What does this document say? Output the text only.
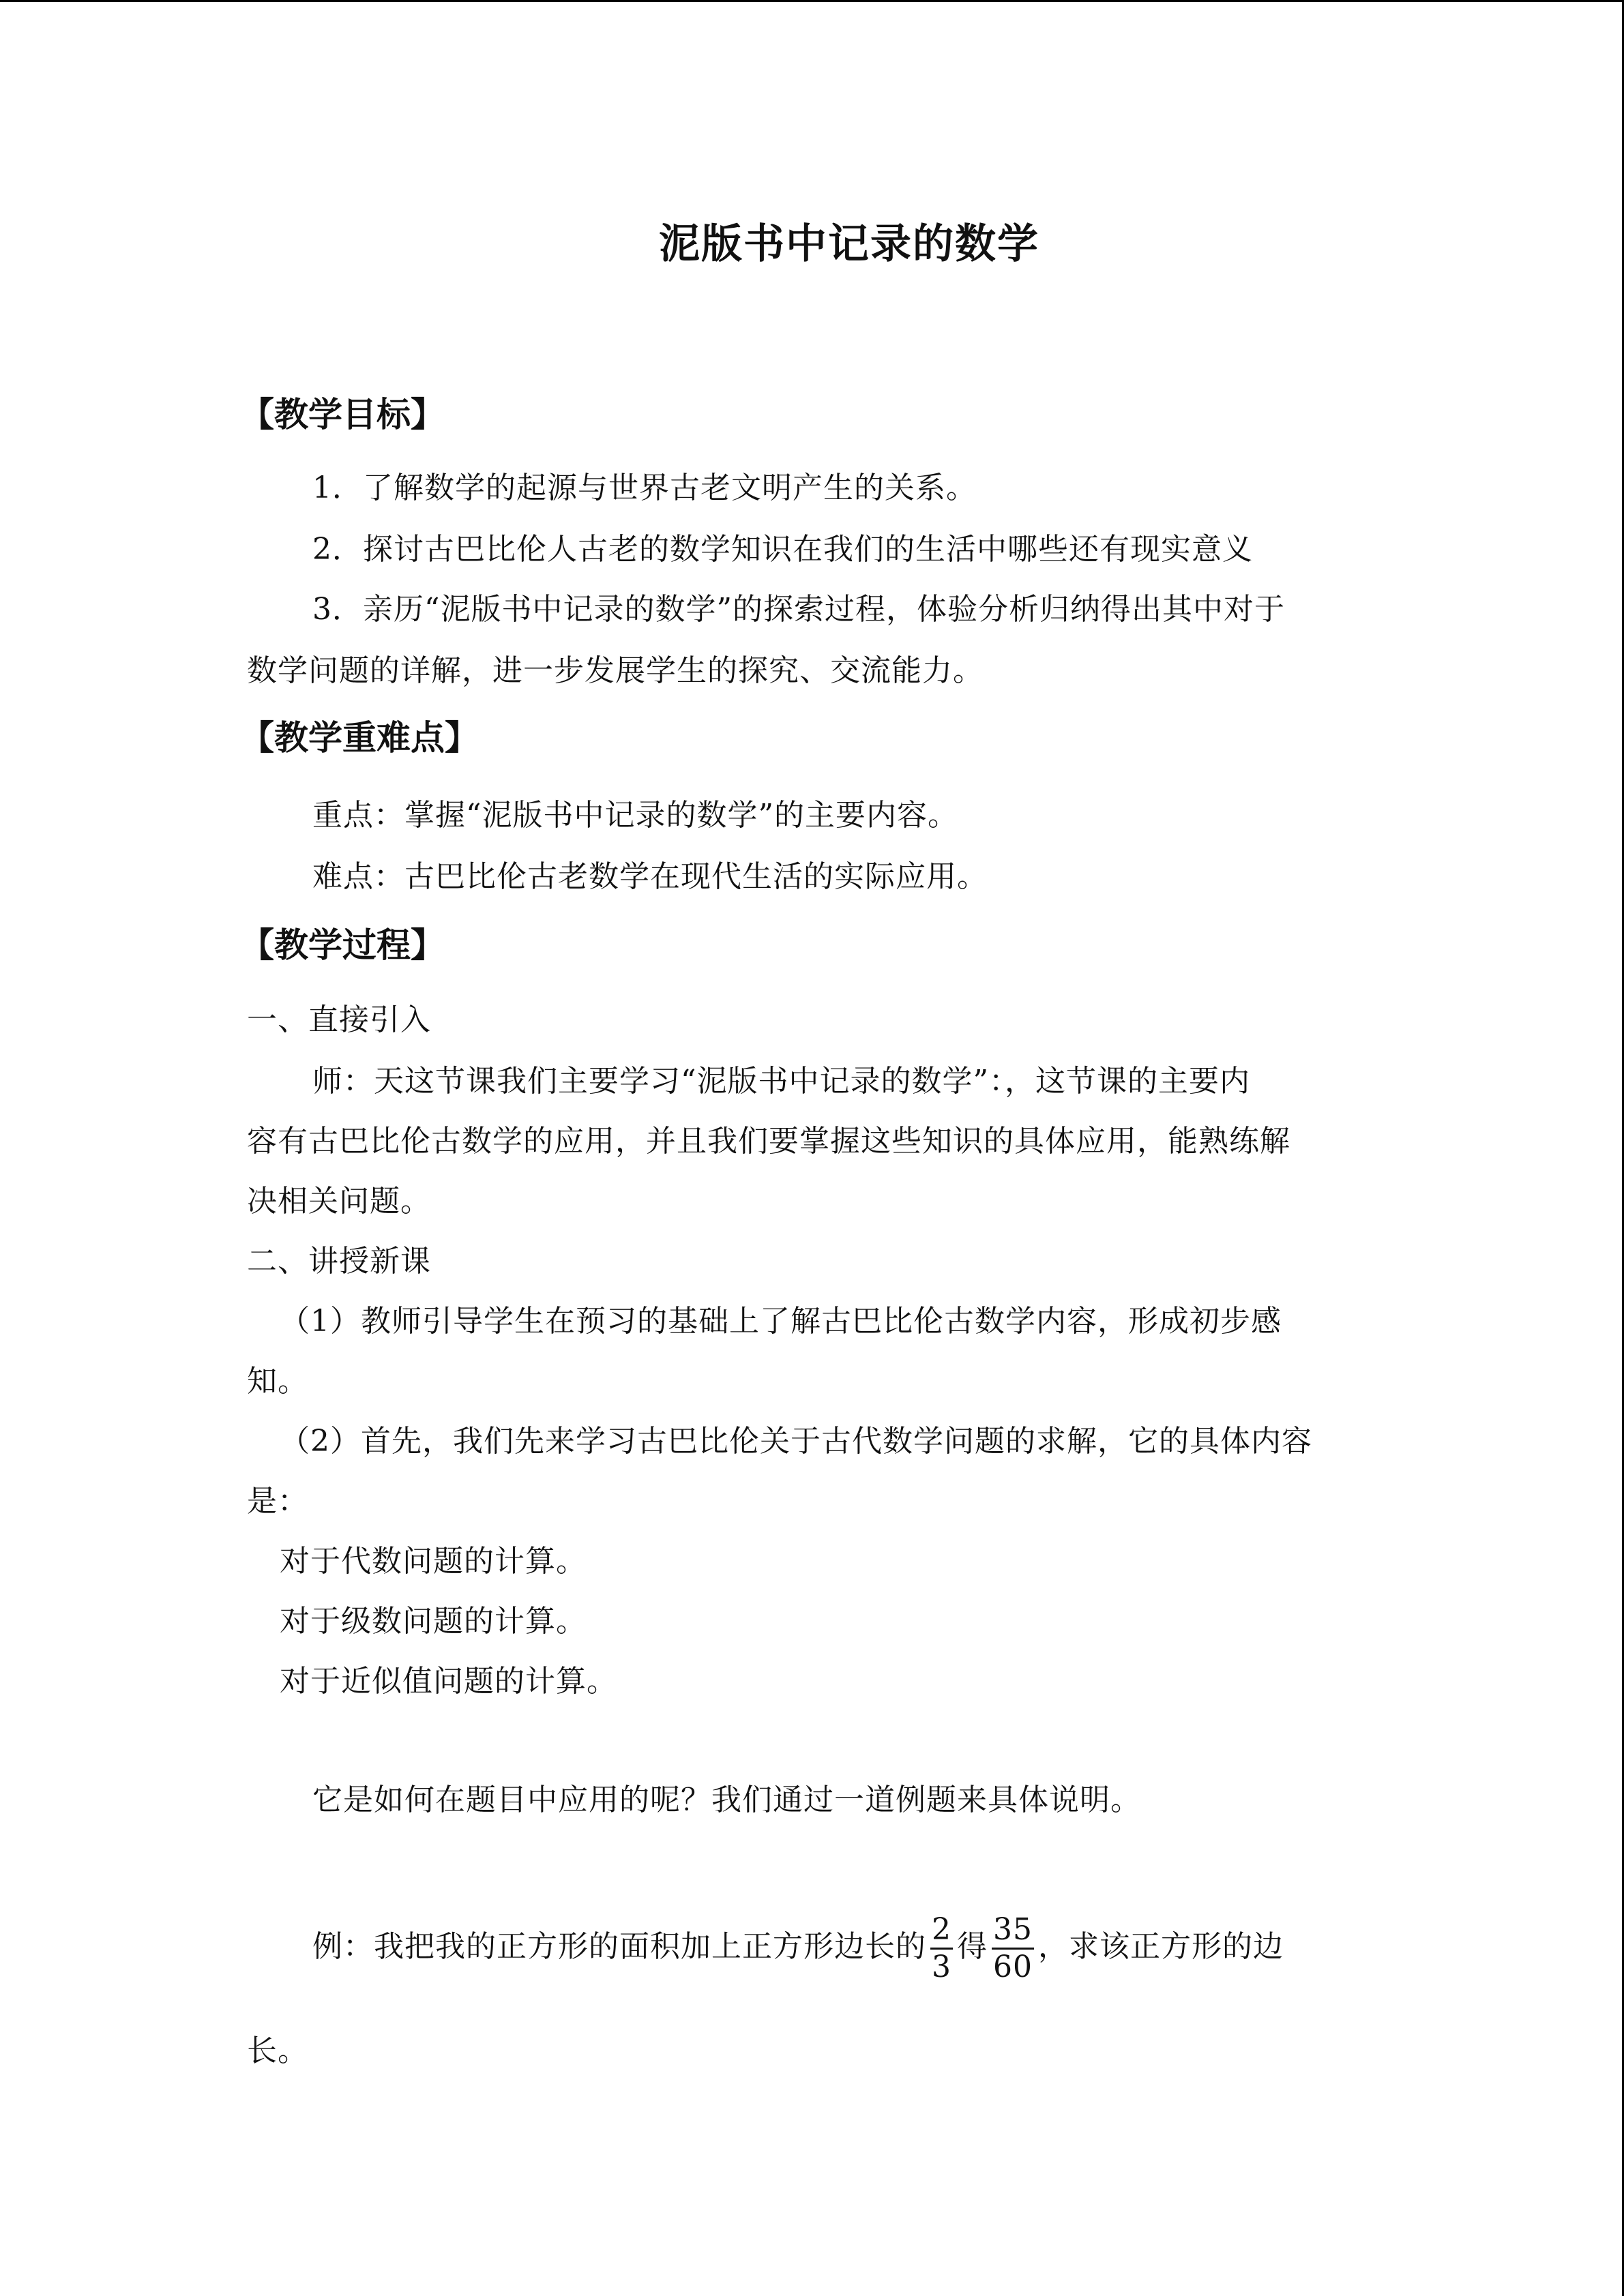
泥版书中记录的数学
【教学目标】
1．了解数学的起源与世界古老文明产生的关系。
2．探讨古巴比伦人古老的数学知识在我们的生活中哪些还有现实意义
3．亲历“泥版书中记录的数学”的探索过程，体验分析归纳得出其中对于
数学问题的详解，进一步发展学生的探究、交流能力。
【教学重难点】
重点：掌握“泥版书中记录的数学”的主要内容。
难点：古巴比伦古老数学在现代生活的实际应用。
【教学过程】
一、直接引入
师：天这节课我们主要学习“泥版书中记录的数学”：，这节课的主要内
容有古巴比伦古数学的应用，并且我们要掌握这些知识的具体应用，能熟练解
决相关问题。
二、讲授新课
（1）教师引导学生在预习的基础上了解古巴比伦古数学内容，形成初步感
知。
（2）首先，我们先来学习古巴比伦关于古代数学问题的求解，它的具体内容
是：
对于代数问题的计算。
对于级数问题的计算。
对于近似值问题的计算。
它是如何在题目中应用的呢？我们通过一道例题来具体说明。
例：我把我的正方形的面积加上正方形边长的 $\frac{2}{3}$ 得 $\frac{35}{60}$ ，求该正方形的边
长。
